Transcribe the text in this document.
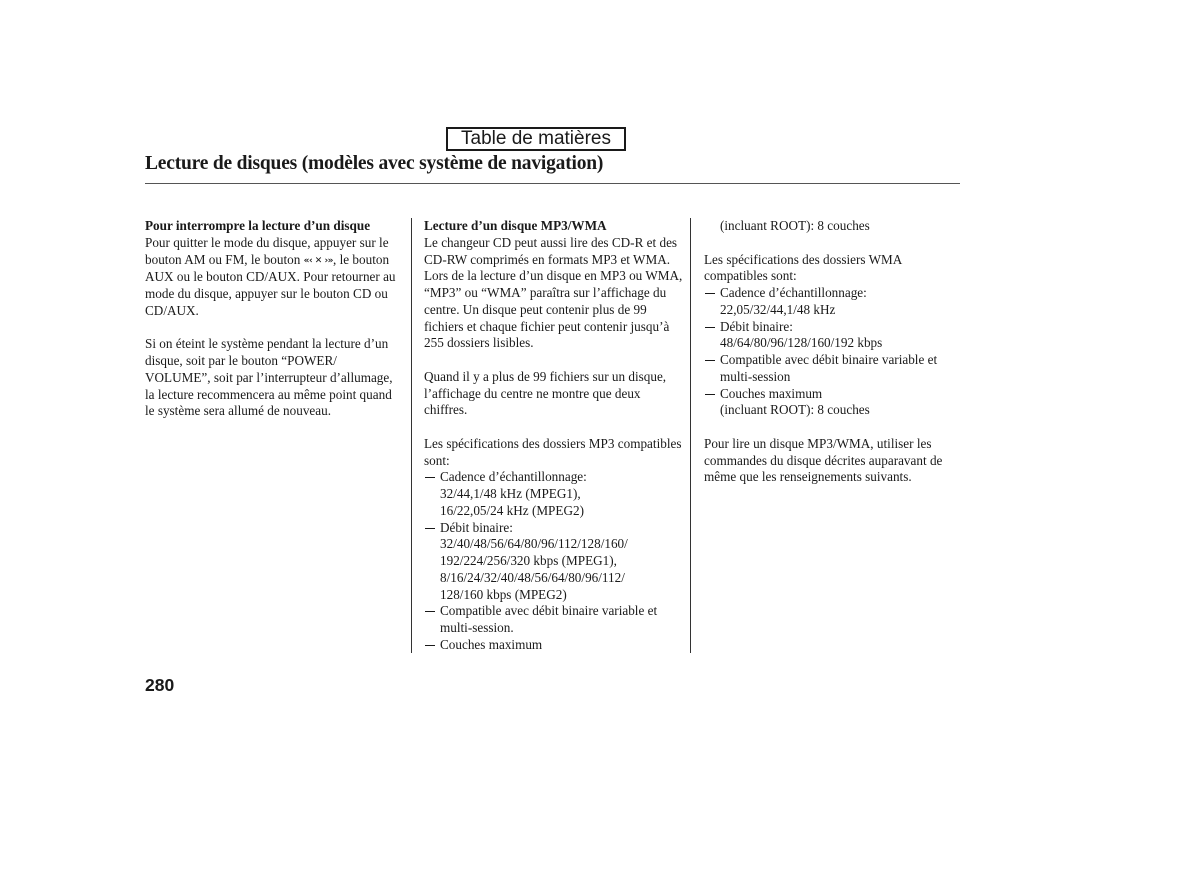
Table de matières
Lecture de disques (modèles avec système de navigation)
Pour interrompre la lecture d’un disque

Pour quitter le mode du disque, appuyer sur le bouton AM ou FM, le bouton «‹ ✕ ›», le bouton AUX ou le bouton CD/AUX. Pour retourner au mode du disque, appuyer sur le bouton CD ou CD/AUX.

Si on éteint le système pendant la lecture d’un disque, soit par le bouton “POWER/ VOLUME”, soit par l’interrupteur d’allumage, la lecture recommencera au même point quand le système sera allumé de nouveau.

Lecture d’un disque MP3/WMA

Le changeur CD peut aussi lire des CD-R et des CD-RW comprimés en formats MP3 et WMA. Lors de la lecture d’un disque en MP3 ou WMA, “MP3” ou “WMA” paraîtra sur l’affichage du centre. Un disque peut contenir plus de 99 fichiers et chaque fichier peut contenir jusqu’à 255 dossiers lisibles.

Quand il y a plus de 99 fichiers sur un disque, l’affichage du centre ne montre que deux chiffres.

Les spécifications des dossiers MP3 compatibles sont:
Cadence d’échantillonnage:
32/44,1/48 kHz (MPEG1),
16/22,05/24 kHz (MPEG2)
Débit binaire:
32/40/48/56/64/80/96/112/128/160/
192/224/256/320 kbps (MPEG1),
8/16/24/32/40/48/56/64/80/96/112/
128/160 kbps (MPEG2)
Compatible avec débit binaire variable et
multi-session.
Couches maximum

(incluant ROOT): 8 couches

Les spécifications des dossiers WMA compatibles sont:
Cadence d’échantillonnage:
22,05/32/44,1/48 kHz
Débit binaire:
48/64/80/96/128/160/192 kbps
Compatible avec débit binaire variable et
multi-session
Couches maximum
(incluant ROOT): 8 couches

Pour lire un disque MP3/WMA, utiliser les commandes du disque décrites auparavant de même que les renseignements suivants.

280
